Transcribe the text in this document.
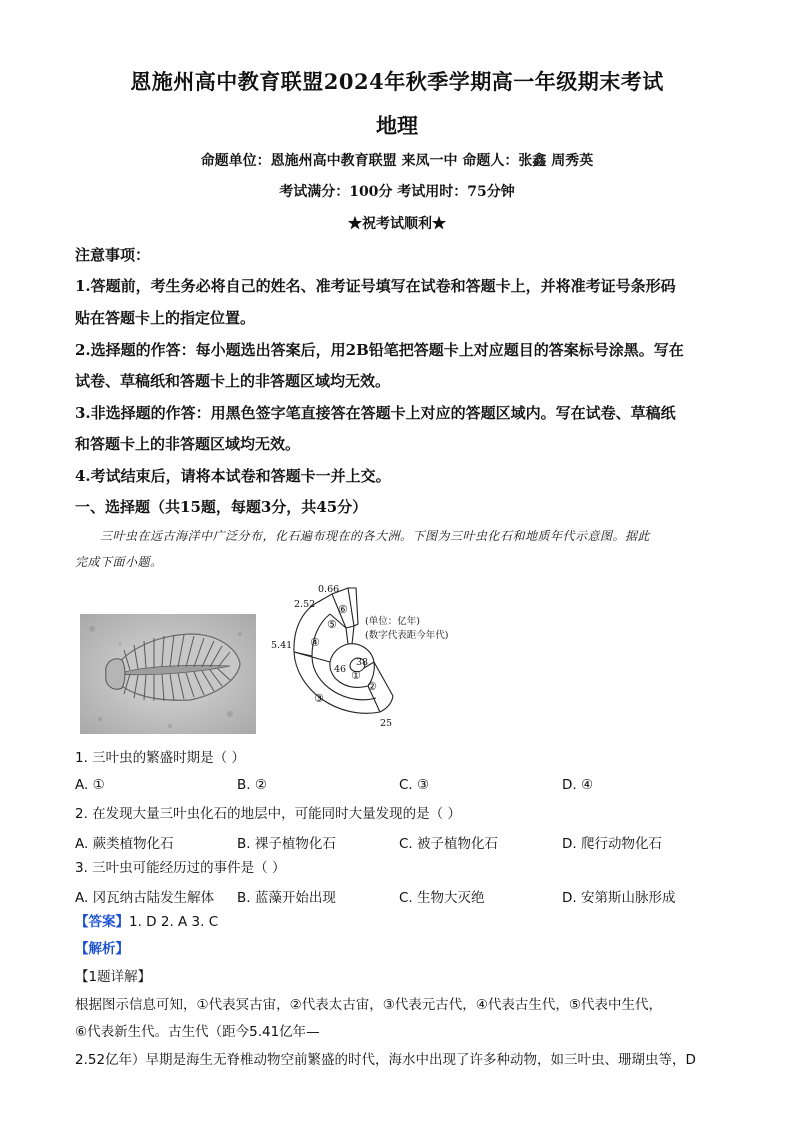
恩施州高中教育联盟2024年秋季学期高一年级期末考试
地理
命题单位：恩施州高中教育联盟 来凤一中 命题人：张鑫 周秀英
考试满分：100分 考试用时：75分钟
★祝考试顺利★
注意事项：
1.答题前，考生务必将自己的姓名、准考证号填写在试卷和答题卡上，并将准考证号条形码
贴在答题卡上的指定位置。
2.选择题的作答：每小题选出答案后，用2B铅笔把答题卡上对应题目的答案标号涂黑。写在
试卷、草稿纸和答题卡上的非答题区域均无效。
3.非选择题的作答：用黑色签字笔直接答在答题卡上对应的答题区域内。写在试卷、草稿纸
和答题卡上的非答题区域均无效。
4.考试结束后，请将本试卷和答题卡一并上交。
一、选择题（共15题，每题3分，共45分）
三叶虫在远古海洋中广泛分布，化石遍布现在的各大洲。下图为三叶虫化石和地质年代示意图。据此
完成下面小题。
0.66
2.52
5.41
46
38
25
(单位：亿年)
(数字代表距今年代)
①
②
③
④
⑤
⑥
1. 三叶虫的繁盛时期是（ ）
A. ①	B. ②	C. ③	D. ④
2. 在发现大量三叶虫化石的地层中，可能同时大量发现的是（ ）
A. 蕨类植物化石	B. 裸子植物化石	C. 被子植物化石	D. 爬行动物化石
3. 三叶虫可能经历过的事件是（ ）
A. 冈瓦纳古陆发生解体 B. 蓝藻开始出现	C. 生物大灭绝	D. 安第斯山脉形成
【答案】1. D 2. A 3. C
【解析】
【1题详解】
根据图示信息可知，①代表冥古宙，②代表太古宙，③代表元古代，④代表古生代，⑤代表中生代，
⑥代表新生代。古生代（距今5.41亿年—
2.52亿年）早期是海生无脊椎动物空前繁盛的时代，海水中出现了许多种动物，如三叶虫、珊瑚虫等，D
